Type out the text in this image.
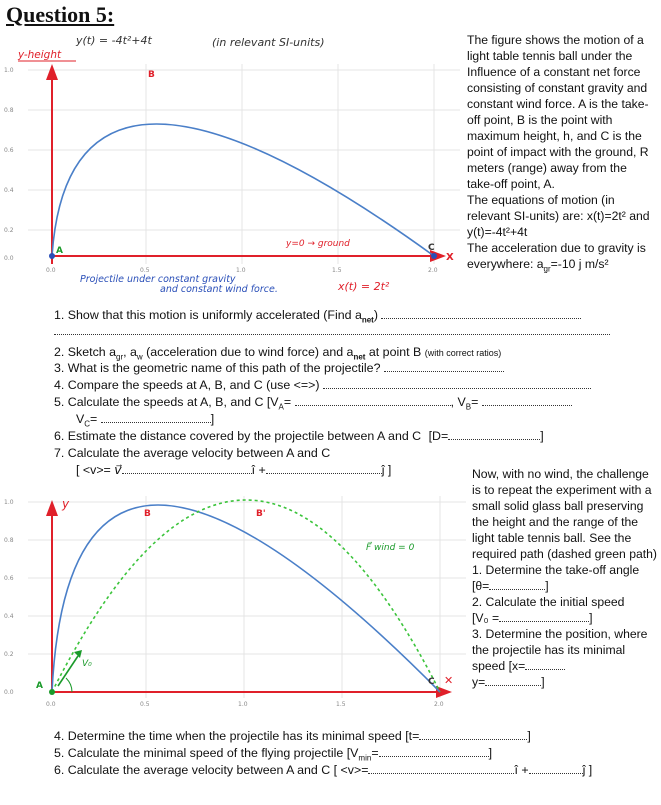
Question 5:
1.0
0.8
0.6
0.4
0.2
0.0
0.0	0.5	1.0	1.5	2.0
y(t) = -4t²+4t
y-height
(in relevant SI-units)
A
B
C
X
y=0 → ground
Projectile under constant gravity
and constant wind force.	x(t) = 2t²
The figure shows the motion of a light table tennis ball under the Influence of a constant net force consisting of constant gravity and constant wind force. A is the take-off point, B is the point with maximum height, h, and C is the point of impact with the ground, R meters (range) away from the take-off point, A.
The equations of motion (in relevant SI-units) are: x(t)=2t² and y(t)=-4t²+4t
The acceleration due to gravity is everywhere: $a_{gr}=-10$ j m/s²
1. Show that this motion is uniformly accelerated (Find $a_{net}$)
2. Sketch $a_{gr}$, $a_w$ (acceleration due to wind force) and $a_{net}$ at point B (with correct ratios)
3. What is the geometric name of this path of the projectile?
4. Compare the speeds at A, B, and C (use <=>)
5. Calculate the speeds at A, B, and C [$V_A=$	, $V_B=$
$V_C=$	]
6. Estimate the distance covered by the projectile between A and C [D=	]
7. Calculate the average velocity between A and C
[ <v>= v⃗	î +	ĵ ]
1.0
0.8
0.6
0.4
0.2
0.0
0.0	0.5	1.0	1.5	2.0
y
A
B	B'
C
V₀
F⃗ wind = 0
✕
Now, with no wind, the challenge is to repeat the experiment with a small solid glass ball preserving the height and the range of the light table tennis ball. See the required path (dashed green path)
1. Determine the take-off angle [θ=	]
2. Calculate the initial speed
[V₀ =	]
3. Determine the position, where the projectile has its minimal speed [x=
y=	]
4. Determine the time when the projectile has its minimal speed [t=	]
5. Calculate the minimal speed of the flying projectile [$V_{min}=$	]
6. Calculate the average velocity between A and C [ <v>=	î +	ĵ ]
